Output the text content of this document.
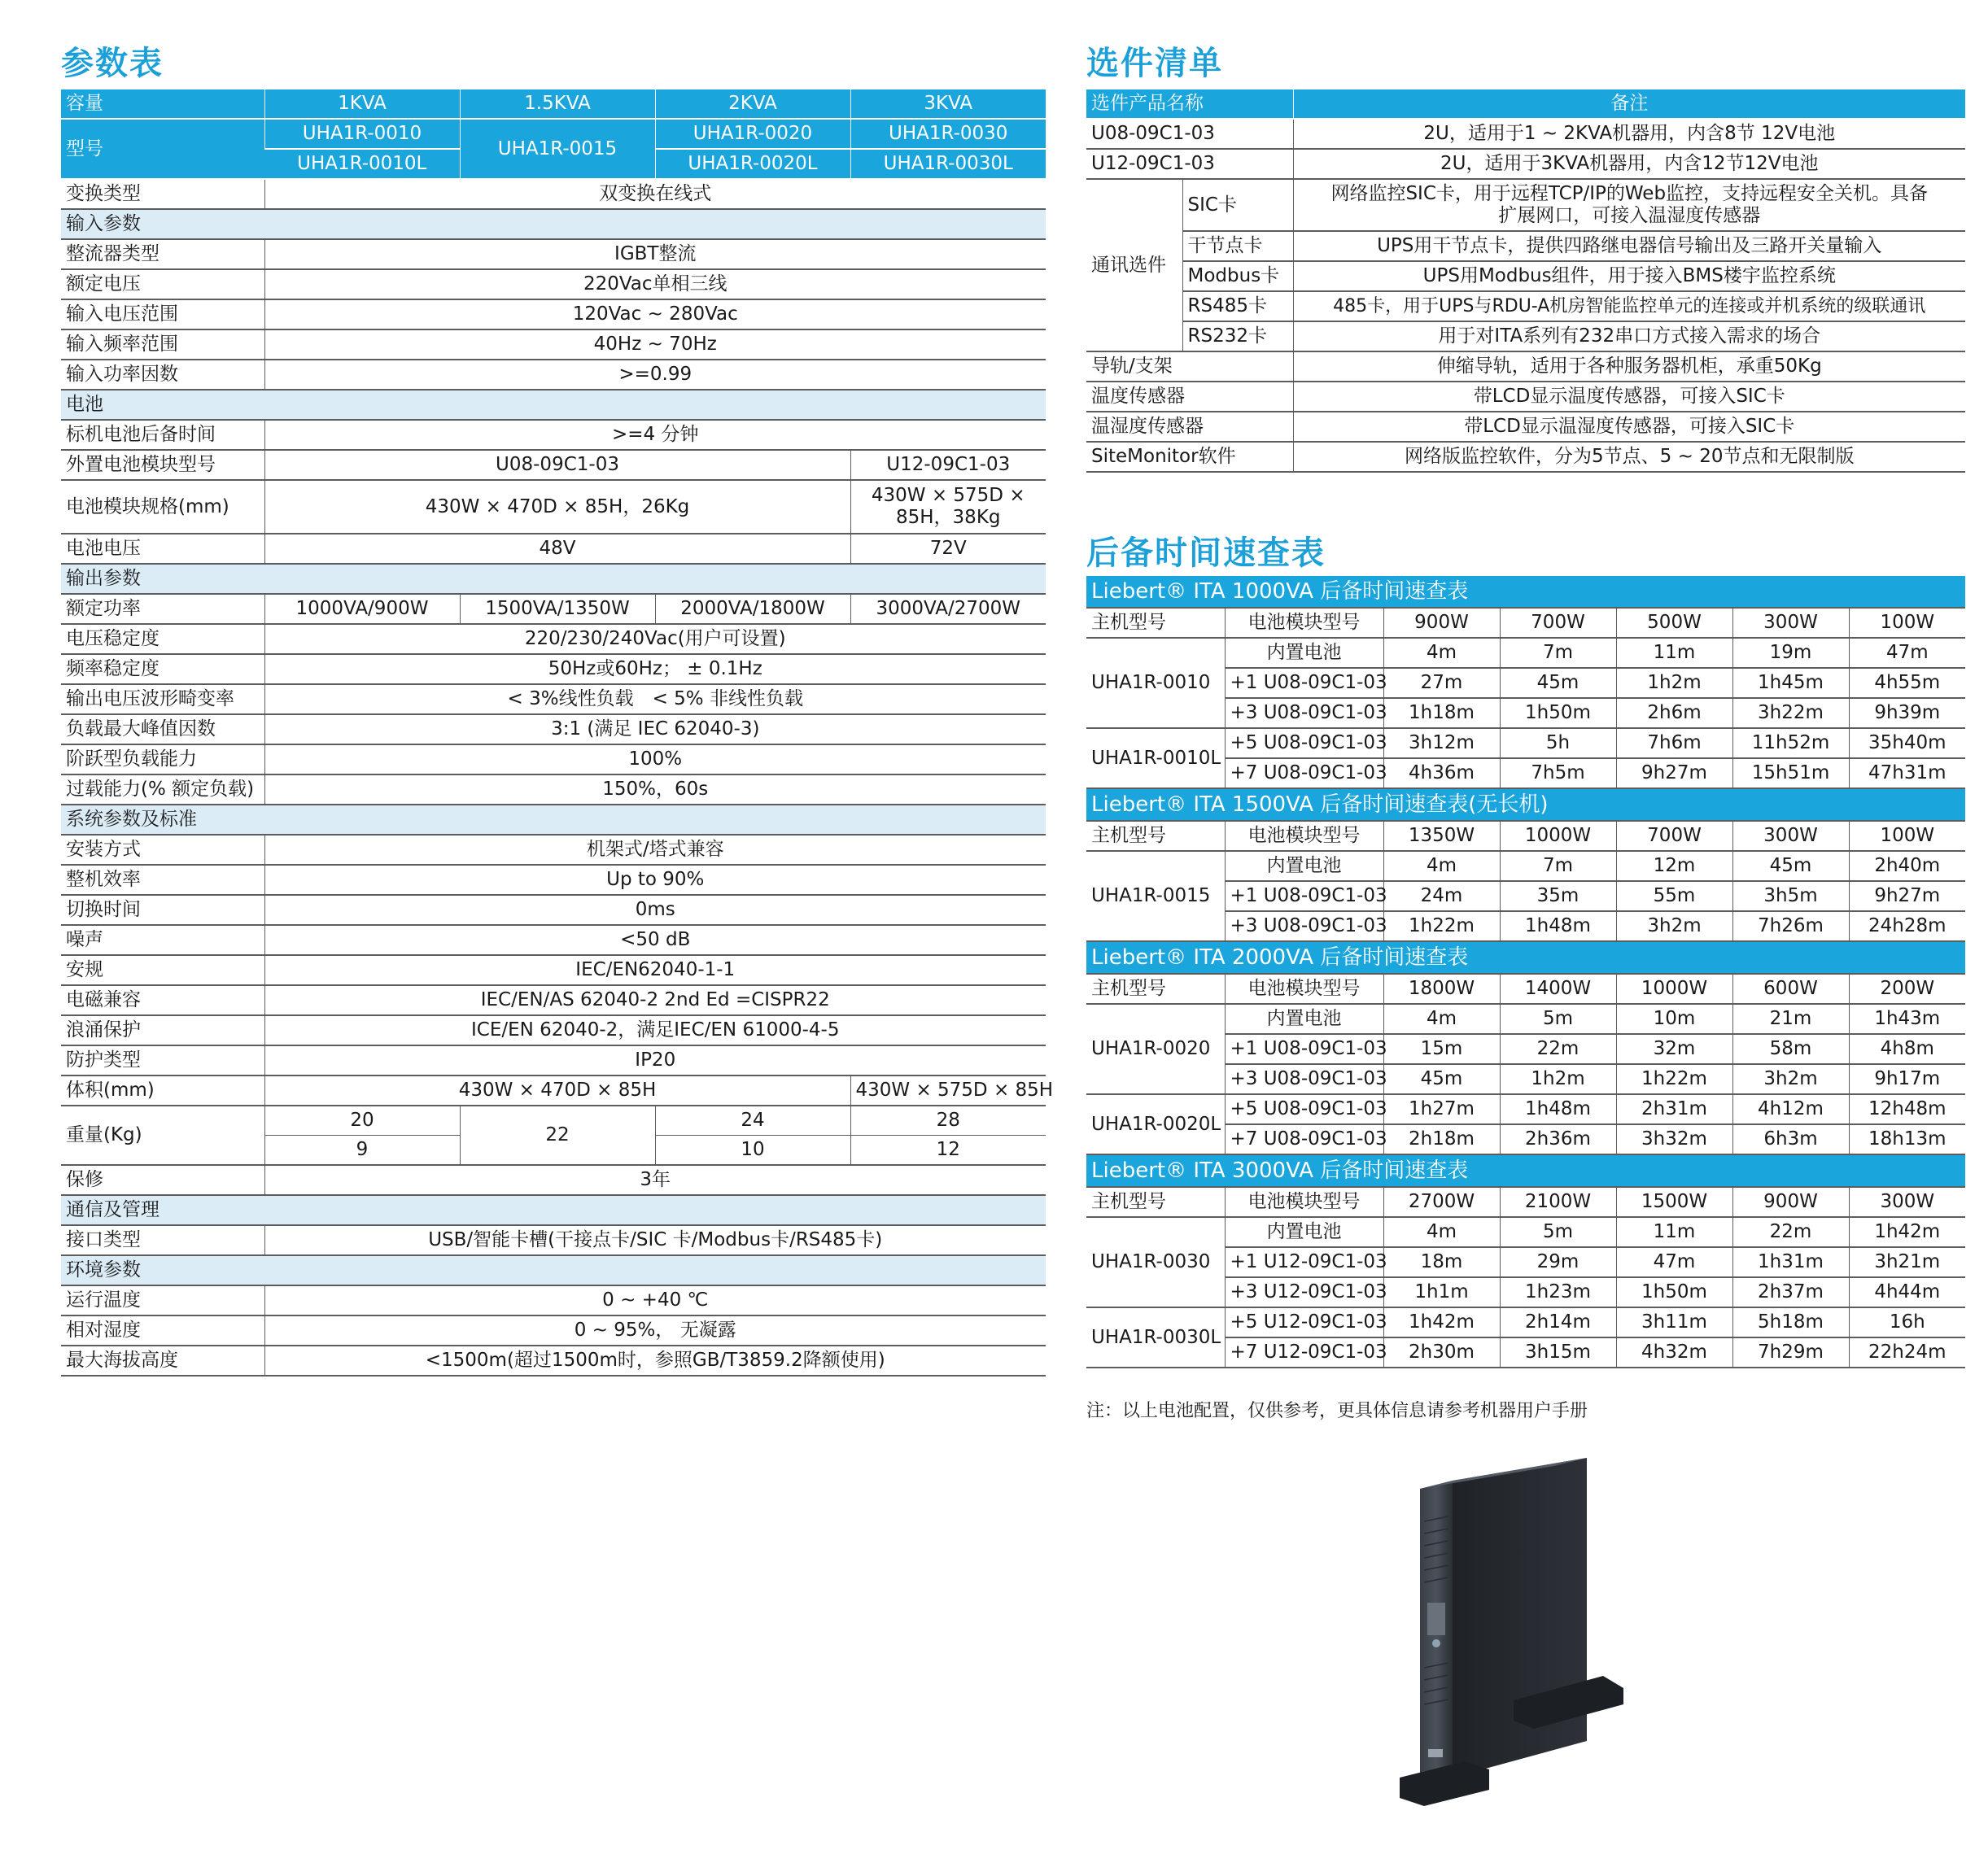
参数表
容量	1KVA	1.5KVA	2KVA	3KVA
型号	UHA1R-0010	UHA1R-0015	UHA1R-0020	UHA1R-0030
	UHA1R-0010L		UHA1R-0020L	UHA1R-0030L
变换类型	双变换在线式			
输入参数				
整流器类型	IGBT整流			
额定电压	220Vac单相三线			
输入电压范围	120Vac ~ 280Vac			
输入频率范围	40Hz ~ 70Hz			
输入功率因数	>=0.99			
电池				
标机电池后备时间	>=4 分钟			
外置电池模块型号	U08-09C1-03			U12-09C1-03
电池模块规格(mm)	430W × 470D × 85H，26Kg			430W × 575D × 85H，38Kg
电池电压	48V			72V
输出参数				
额定功率	1000VA/900W	1500VA/1350W	2000VA/1800W	3000VA/2700W
电压稳定度	220/230/240Vac(用户可设置)			
频率稳定度	50Hz或60Hz； ± 0.1Hz			
输出电压波形畸变率	< 3%线性负载　< 5% 非线性负载			
负载最大峰值因数	3:1 (满足 IEC 62040-3)			
阶跃型负载能力	100%			
过载能力(% 额定负载)	150%，60s			
系统参数及标准				
安装方式	机架式/塔式兼容			
整机效率	Up to 90%			
切换时间	0ms			
噪声	<50 dB			
安规	IEC/EN62040-1-1			
电磁兼容	IEC/EN/AS 62040-2 2nd Ed =CISPR22			
浪涌保护	ICE/EN 62040-2，满足IEC/EN 61000-4-5			
防护类型	IP20			
体积(mm)	430W × 470D × 85H			430W × 575D × 85H
重量(Kg)	20	22	24	28
	9		10	12
保修	3年			
通信及管理				
接口类型	USB/智能卡槽(干接点卡/SIC 卡/Modbus卡/RS485卡)			
环境参数				
运行温度	0 ~ +40 ℃			
相对湿度	0 ~ 95%， 无凝露			
最大海拔高度	<1500m(超过1500m时，参照GB/T3859.2降额使用)			
选件清单
选件产品名称		备注
U08-09C1-03		2U，适用于1 ~ 2KVA机器用，内含8节 12V电池
U12-09C1-03		2U，适用于3KVA机器用，内含12节12V电池
通讯选件	SIC卡	网络监控SIC卡，用于远程TCP/IP的Web监控，支持远程安全关机。具备扩展网口，可接入温湿度传感器
	干节点卡	UPS用干节点卡，提供四路继电器信号输出及三路开关量输入
	Modbus卡	UPS用Modbus组件，用于接入BMS楼宇监控系统
	RS485卡	485卡，用于UPS与RDU-A机房智能监控单元的连接或并机系统的级联通讯
	RS232卡	用于对ITA系列有232串口方式接入需求的场合
导轨/支架		伸缩导轨，适用于各种服务器机柜，承重50Kg
温度传感器		带LCD显示温度传感器，可接入SIC卡
温湿度传感器		带LCD显示温湿度传感器，可接入SIC卡
SiteMonitor软件		网络版监控软件，分为5节点、5 ~ 20节点和无限制版
后备时间速查表
Liebert® ITA 1000VA 后备时间速查表						
主机型号	电池模块型号	900W	700W	500W	300W	100W
UHA1R-0010	内置电池	4m	7m	11m	19m	47m
	+1 U08-09C1-03	27m	45m	1h2m	1h45m	4h55m
	+3 U08-09C1-03	1h18m	1h50m	2h6m	3h22m	9h39m
UHA1R-0010L	+5 U08-09C1-03	3h12m	5h	7h6m	11h52m	35h40m
	+7 U08-09C1-03	4h36m	7h5m	9h27m	15h51m	47h31m
Liebert® ITA 1500VA 后备时间速查表(无长机)						
主机型号	电池模块型号	1350W	1000W	700W	300W	100W
UHA1R-0015	内置电池	4m	7m	12m	45m	2h40m
	+1 U08-09C1-03	24m	35m	55m	3h5m	9h27m
	+3 U08-09C1-03	1h22m	1h48m	3h2m	7h26m	24h28m
Liebert® ITA 2000VA 后备时间速查表						
主机型号	电池模块型号	1800W	1400W	1000W	600W	200W
UHA1R-0020	内置电池	4m	5m	10m	21m	1h43m
	+1 U08-09C1-03	15m	22m	32m	58m	4h8m
	+3 U08-09C1-03	45m	1h2m	1h22m	3h2m	9h17m
UHA1R-0020L	+5 U08-09C1-03	1h27m	1h48m	2h31m	4h12m	12h48m
	+7 U08-09C1-03	2h18m	2h36m	3h32m	6h3m	18h13m
Liebert® ITA 3000VA 后备时间速查表						
主机型号	电池模块型号	2700W	2100W	1500W	900W	300W
UHA1R-0030	内置电池	4m	5m	11m	22m	1h42m
	+1 U12-09C1-03	18m	29m	47m	1h31m	3h21m
	+3 U12-09C1-03	1h1m	1h23m	1h50m	2h37m	4h44m
UHA1R-0030L	+5 U12-09C1-03	1h42m	2h14m	3h11m	5h18m	16h
	+7 U12-09C1-03	2h30m	3h15m	4h32m	7h29m	22h24m
注：以上电池配置，仅供参考，更具体信息请参考机器用户手册
